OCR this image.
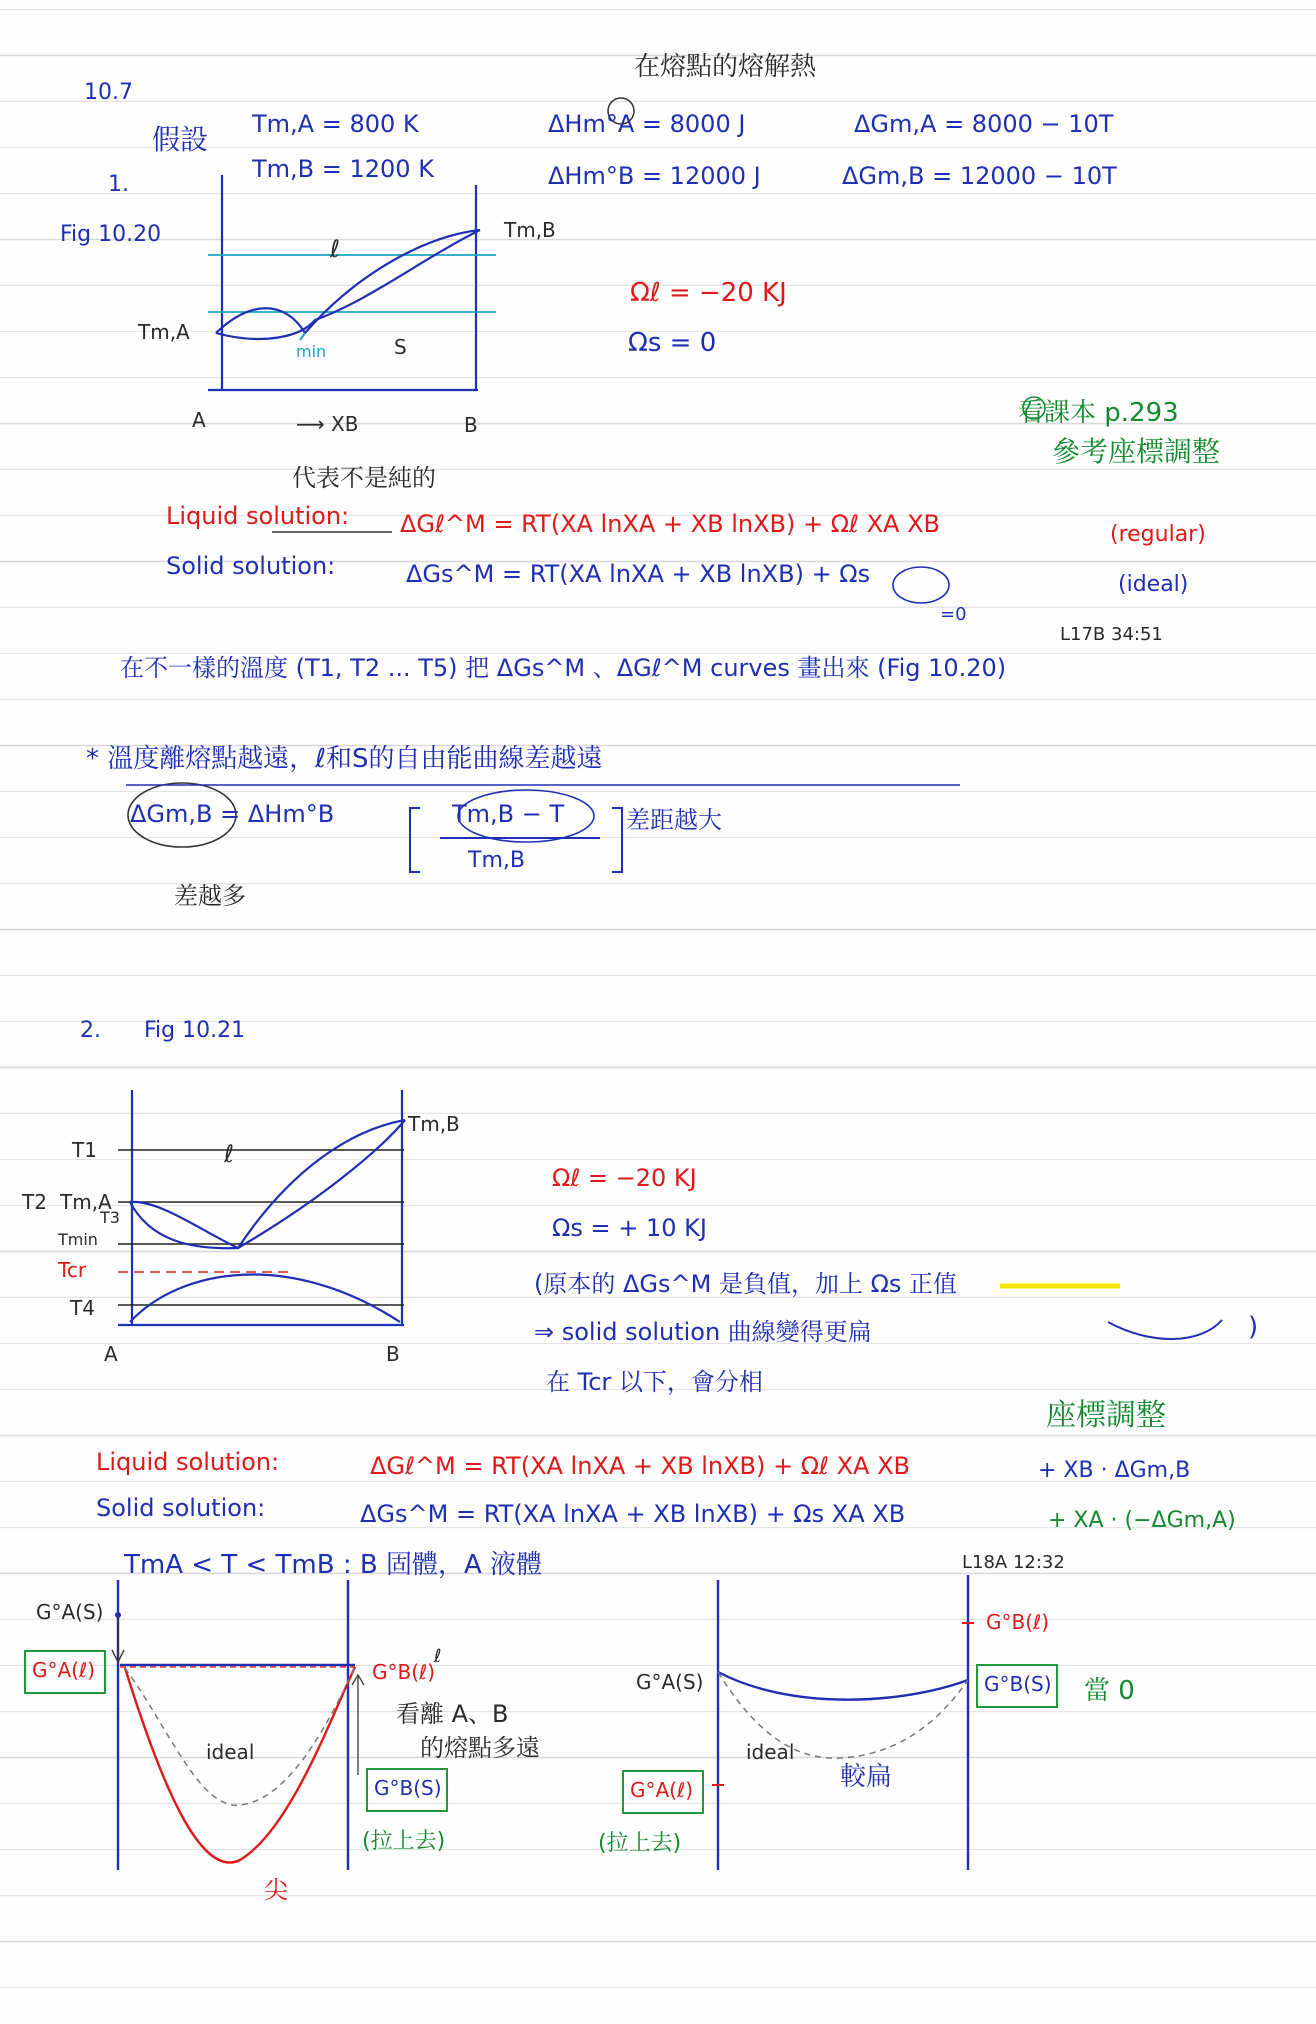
10.7
在熔點的熔解熱
假設 Tm,A = 800 K
Tm,B = 1200 K
ΔHm°A = 8000 J
ΔHm°B = 12000 J
ΔGm,A = 8000 − 10T
ΔGm,B = 12000 − 10T
1.
Fig 10.20
Tm,A
Tm,B
ℓ
S
min
A	B
⟶ XB
Ωℓ = −20 KJ
Ωs = 0
看課本 p.293
參考座標調整
代表不是純的
Liquid solution: ΔGℓ^M = RT(XA lnXA + XB lnXB) + Ωℓ XA XB	(regular)
Solid solution:	ΔGs^M = RT(XA lnXA + XB lnXB) + Ωs
=0
(ideal)
L17B 34:51
在不一樣的溫度 (T1, T2 ... T5) 把 ΔGs^M 、ΔGℓ^M curves 畫出來 (Fig 10.20)
* 溫度離熔點越遠，ℓ和S的自由能曲線差越遠
ΔGm,B = ΔHm°B	Tm,B − T
Tm,B
差距越大
差越多
2. Fig 10.21
T1
T2 Tm,A
T3
Tmin
Tcr
T4
Tm,B
ℓ
A	B
Ωℓ = −20 KJ
Ωs = + 10 KJ
(原本的 ΔGs^M 是負值，加上 Ωs 正值
⇒ solid solution 曲線變得更扁	)
在 Tcr 以下，會分相
座標調整
Liquid solution:	ΔGℓ^M = RT(XA lnXA + XB lnXB) + Ωℓ XA XB	+ XB · ΔGm,B
Solid solution:	ΔGs^M = RT(XA lnXA + XB lnXB) + Ωs XA XB	+ XA · (−ΔGm,A)
TmA < T < TmB : B 固體，A 液體	L18A 12:32
G°A(S)
G°A(ℓ)	G°B(ℓ)
ℓ
G°B(S)
ideal
看離 A、B
的熔點多遠
(拉上去)
尖
G°A(S)
G°A(ℓ)
G°B(ℓ)
G°B(S) 當 0
ideal
較扁
(拉上去)
